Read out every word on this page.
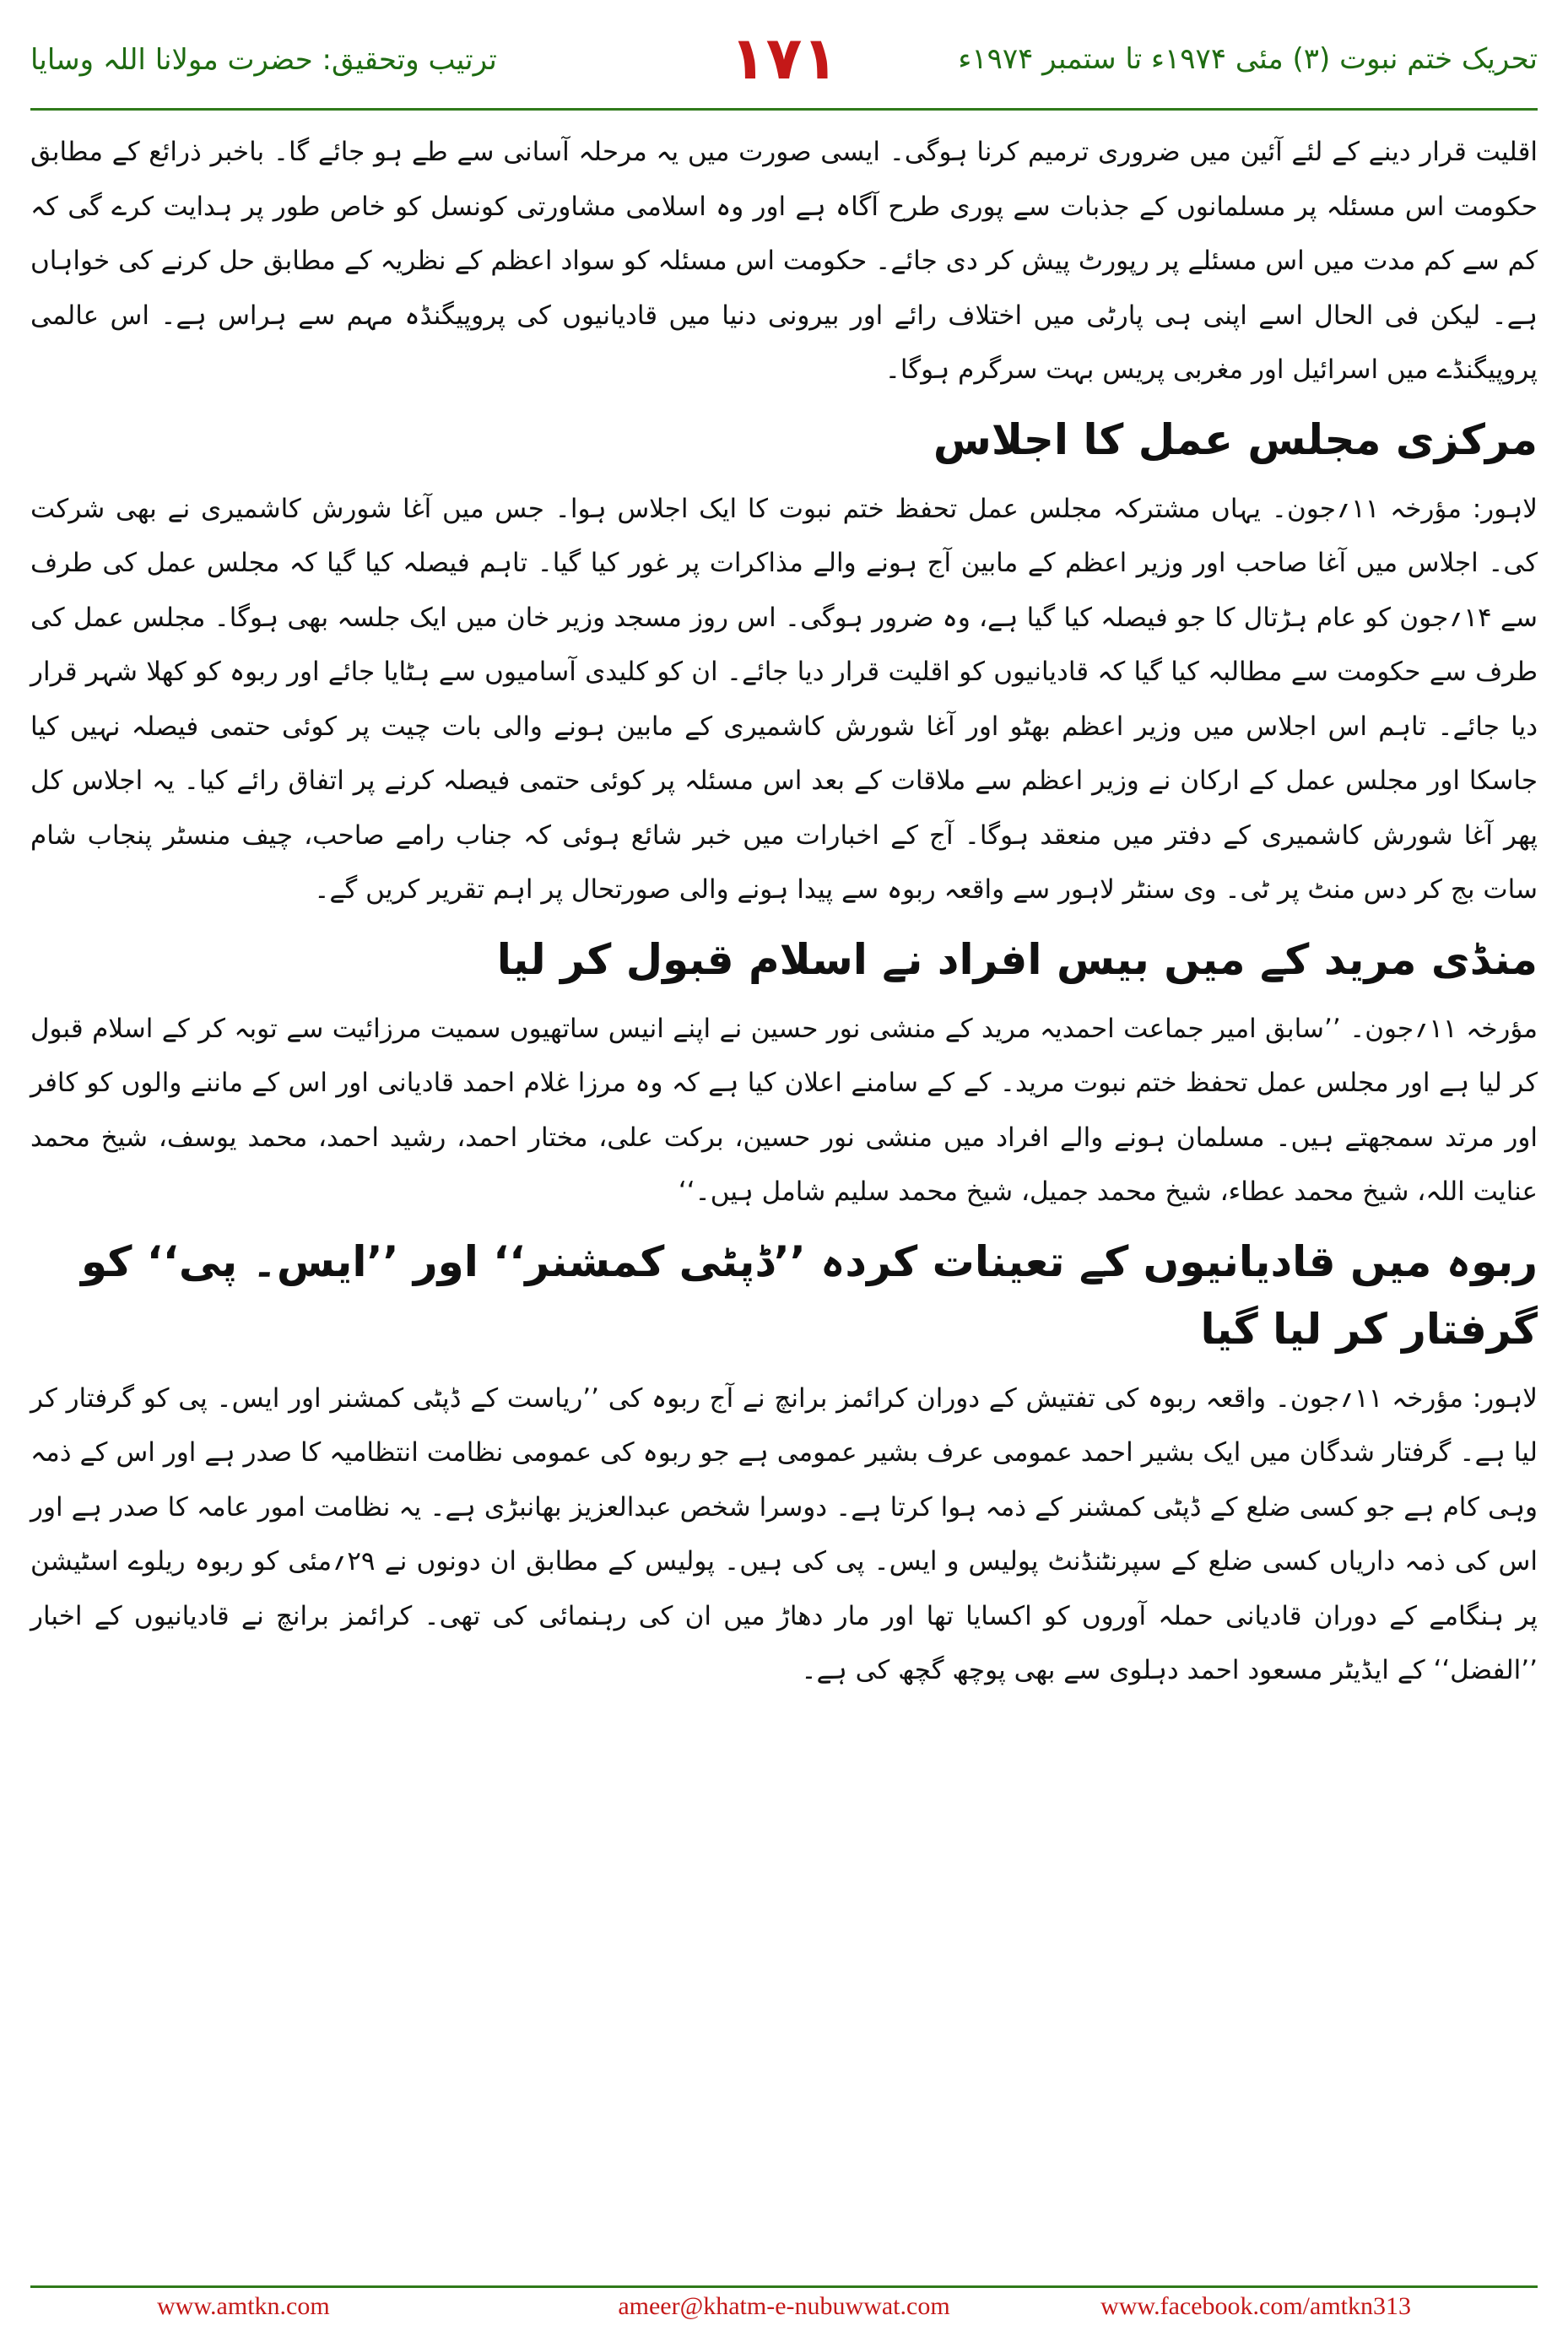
تحریک ختم نبوت (۳) مئی ۱۹۷۴ء تا ستمبر ۱۹۷۴ء
۱۷۱
ترتیب وتحقیق: حضرت مولانا اللہ وسایا

اقلیت قرار دینے کے لئے آئین میں ضروری ترمیم کرنا ہوگی۔ ایسی صورت میں یہ مرحلہ آسانی سے طے ہو جائے گا۔ باخبر ذرائع کے مطابق حکومت اس مسئلہ پر مسلمانوں کے جذبات سے پوری طرح آگاہ ہے اور وہ اسلامی مشاورتی کونسل کو خاص طور پر ہدایت کرے گی کہ کم سے کم مدت میں اس مسئلے پر رپورٹ پیش کر دی جائے۔ حکومت اس مسئلہ کو سواد اعظم کے نظریہ کے مطابق حل کرنے کی خواہاں ہے۔ لیکن فی الحال اسے اپنی ہی پارٹی میں اختلاف رائے اور بیرونی دنیا میں قادیانیوں کی پروپیگنڈہ مہم سے ہراس ہے۔ اس عالمی پروپیگنڈے میں اسرائیل اور مغربی پریس بہت سرگرم ہوگا۔

مرکزی مجلس عمل کا اجلاس

لاہور: مؤرخہ ۱۱؍جون۔ یہاں مشترکہ مجلس عمل تحفظ ختم نبوت کا ایک اجلاس ہوا۔ جس میں آغا شورش کاشمیری نے بھی شرکت کی۔ اجلاس میں آغا صاحب اور وزیر اعظم کے مابین آج ہونے والے مذاکرات پر غور کیا گیا۔ تاہم فیصلہ کیا گیا کہ مجلس عمل کی طرف سے ۱۴؍جون کو عام ہڑتال کا جو فیصلہ کیا گیا ہے، وہ ضرور ہوگی۔ اس روز مسجد وزیر خان میں ایک جلسہ بھی ہوگا۔ مجلس عمل کی طرف سے حکومت سے مطالبہ کیا گیا کہ قادیانیوں کو اقلیت قرار دیا جائے۔ ان کو کلیدی آسامیوں سے ہٹایا جائے اور ربوہ کو کھلا شہر قرار دیا جائے۔ تاہم اس اجلاس میں وزیر اعظم بھٹو اور آغا شورش کاشمیری کے مابین ہونے والی بات چیت پر کوئی حتمی فیصلہ نہیں کیا جاسکا اور مجلس عمل کے ارکان نے وزیر اعظم سے ملاقات کے بعد اس مسئلہ پر کوئی حتمی فیصلہ کرنے پر اتفاق رائے کیا۔ یہ اجلاس کل پھر آغا شورش کاشمیری کے دفتر میں منعقد ہوگا۔ آج کے اخبارات میں خبر شائع ہوئی کہ جناب رامے صاحب، چیف منسٹر پنجاب شام سات بج کر دس منٹ پر ٹی۔ وی سنٹر لاہور سے واقعہ ربوہ سے پیدا ہونے والی صورتحال پر اہم تقریر کریں گے۔

منڈی مرید کے میں بیس افراد نے اسلام قبول کر لیا

مؤرخہ ۱۱؍جون۔ ’’سابق امیر جماعت احمدیہ مرید کے منشی نور حسین نے اپنے انیس ساتھیوں سمیت مرزائیت سے توبہ کر کے اسلام قبول کر لیا ہے اور مجلس عمل تحفظ ختم نبوت مرید۔ کے کے سامنے اعلان کیا ہے کہ وہ مرزا غلام احمد قادیانی اور اس کے ماننے والوں کو کافر اور مرتد سمجھتے ہیں۔ مسلمان ہونے والے افراد میں منشی نور حسین، برکت علی، مختار احمد، رشید احمد، محمد یوسف، شیخ محمد عنایت اللہ، شیخ محمد عطاء، شیخ محمد جمیل، شیخ محمد سلیم شامل ہیں۔‘‘

ربوہ میں قادیانیوں کے تعینات کردہ ’’ڈپٹی کمشنر‘‘ اور ’’ایس۔ پی‘‘ کو گرفتار کر لیا گیا

لاہور: مؤرخہ ۱۱؍جون۔ واقعہ ربوہ کی تفتیش کے دوران کرائمز برانچ نے آج ربوہ کی ’’ریاست کے ڈپٹی کمشنر اور ایس۔ پی کو گرفتار کر لیا ہے۔ گرفتار شدگان میں ایک بشیر احمد عمومی عرف بشیر عمومی ہے جو ربوہ کی عمومی نظامت انتظامیہ کا صدر ہے اور اس کے ذمہ وہی کام ہے جو کسی ضلع کے ڈپٹی کمشنر کے ذمہ ہوا کرتا ہے۔ دوسرا شخص عبدالعزیز بھانبڑی ہے۔ یہ نظامت امور عامہ کا صدر ہے اور اس کی ذمہ داریاں کسی ضلع کے سپرنٹنڈنٹ پولیس و ایس۔ پی کی ہیں۔ پولیس کے مطابق ان دونوں نے ۲۹؍مئی کو ربوہ ریلوے اسٹیشن پر ہنگامے کے دوران قادیانی حملہ آوروں کو اکسایا تھا اور مار دھاڑ میں ان کی رہنمائی کی تھی۔ کرائمز برانچ نے قادیانیوں کے اخبار ’’الفضل‘‘ کے ایڈیٹر مسعود احمد دہلوی سے بھی پوچھ گچھ کی ہے۔

www.amtkn.com	ameer@khatm-e-nubuwwat.com	www.facebook.com/amtkn313
